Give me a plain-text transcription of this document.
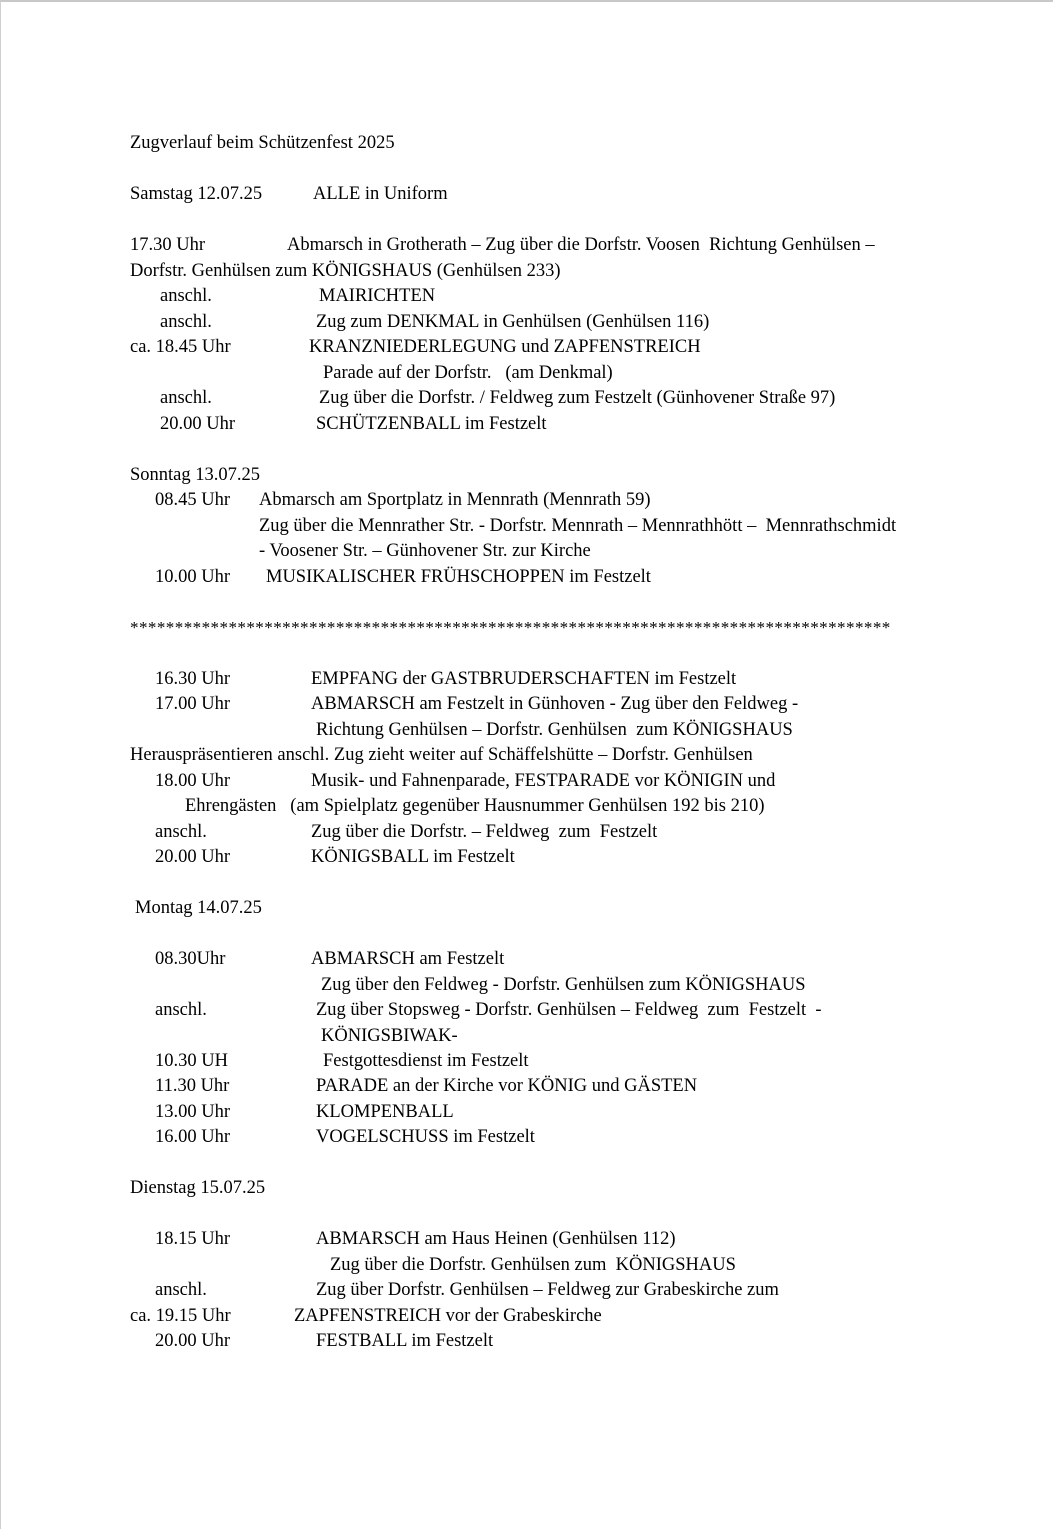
Zugverlauf beim Schützenfest 2025
Samstag 12.07.25	ALLE in Uniform
17.30 Uhr	Abmarsch in Grotherath – Zug über die Dorfstr. Voosen  Richtung Genhülsen –
Dorfstr. Genhülsen zum KÖNIGSHAUS (Genhülsen 233)
anschl.	MAIRICHTEN
anschl.	Zug zum DENKMAL in Genhülsen (Genhülsen 116)
ca. 18.45 Uhr	KRANZNIEDERLEGUNG und ZAPFENSTREICH
Parade auf der Dorfstr.   (am Denkmal)
anschl.	Zug über die Dorfstr. / Feldweg zum Festzelt (Günhovener Straße 97)
20.00 Uhr	SCHÜTZENBALL im Festzelt
Sonntag 13.07.25
08.45 Uhr Abmarsch am Sportplatz in Mennrath (Mennrath 59)
Zug über die Mennrather Str. - Dorfstr. Mennrath – Mennrathhött –  Mennrathschmidt
- Voosener Str. – Günhovener Str. zur Kirche
10.00 Uhr MUSIKALISCHER FRÜHSCHOPPEN im Festzelt
*************************************************************************************
16.30 Uhr	EMPFANG der GASTBRUDERSCHAFTEN im Festzelt
17.00 Uhr	ABMARSCH am Festzelt in Günhoven - Zug über den Feldweg -
Richtung Genhülsen – Dorfstr. Genhülsen  zum KÖNIGSHAUS
Herauspräsentieren anschl. Zug zieht weiter auf Schäffelshütte – Dorfstr. Genhülsen
18.00 Uhr	Musik- und Fahnenparade, FESTPARADE vor KÖNIGIN und
Ehrengästen   (am Spielplatz gegenüber Hausnummer Genhülsen 192 bis 210)
anschl.	Zug über die Dorfstr. – Feldweg  zum  Festzelt
20.00 Uhr	KÖNIGSBALL im Festzelt
Montag 14.07.25
08.30Uhr	ABMARSCH am Festzelt
Zug über den Feldweg - Dorfstr. Genhülsen zum KÖNIGSHAUS
anschl.	Zug über Stopsweg - Dorfstr. Genhülsen – Feldweg  zum  Festzelt  -
KÖNIGSBIWAK-
10.30 UH	Festgottesdienst im Festzelt
11.30 Uhr	PARADE an der Kirche vor KÖNIG und GÄSTEN
13.00 Uhr	KLOMPENBALL
16.00 Uhr	VOGELSCHUSS im Festzelt
Dienstag 15.07.25
18.15 Uhr	ABMARSCH am Haus Heinen (Genhülsen 112)
Zug über die Dorfstr. Genhülsen zum  KÖNIGSHAUS
anschl.	Zug über Dorfstr. Genhülsen – Feldweg zur Grabeskirche zum
ca. 19.15 Uhr	ZAPFENSTREICH vor der Grabeskirche
20.00 Uhr	FESTBALL im Festzelt
